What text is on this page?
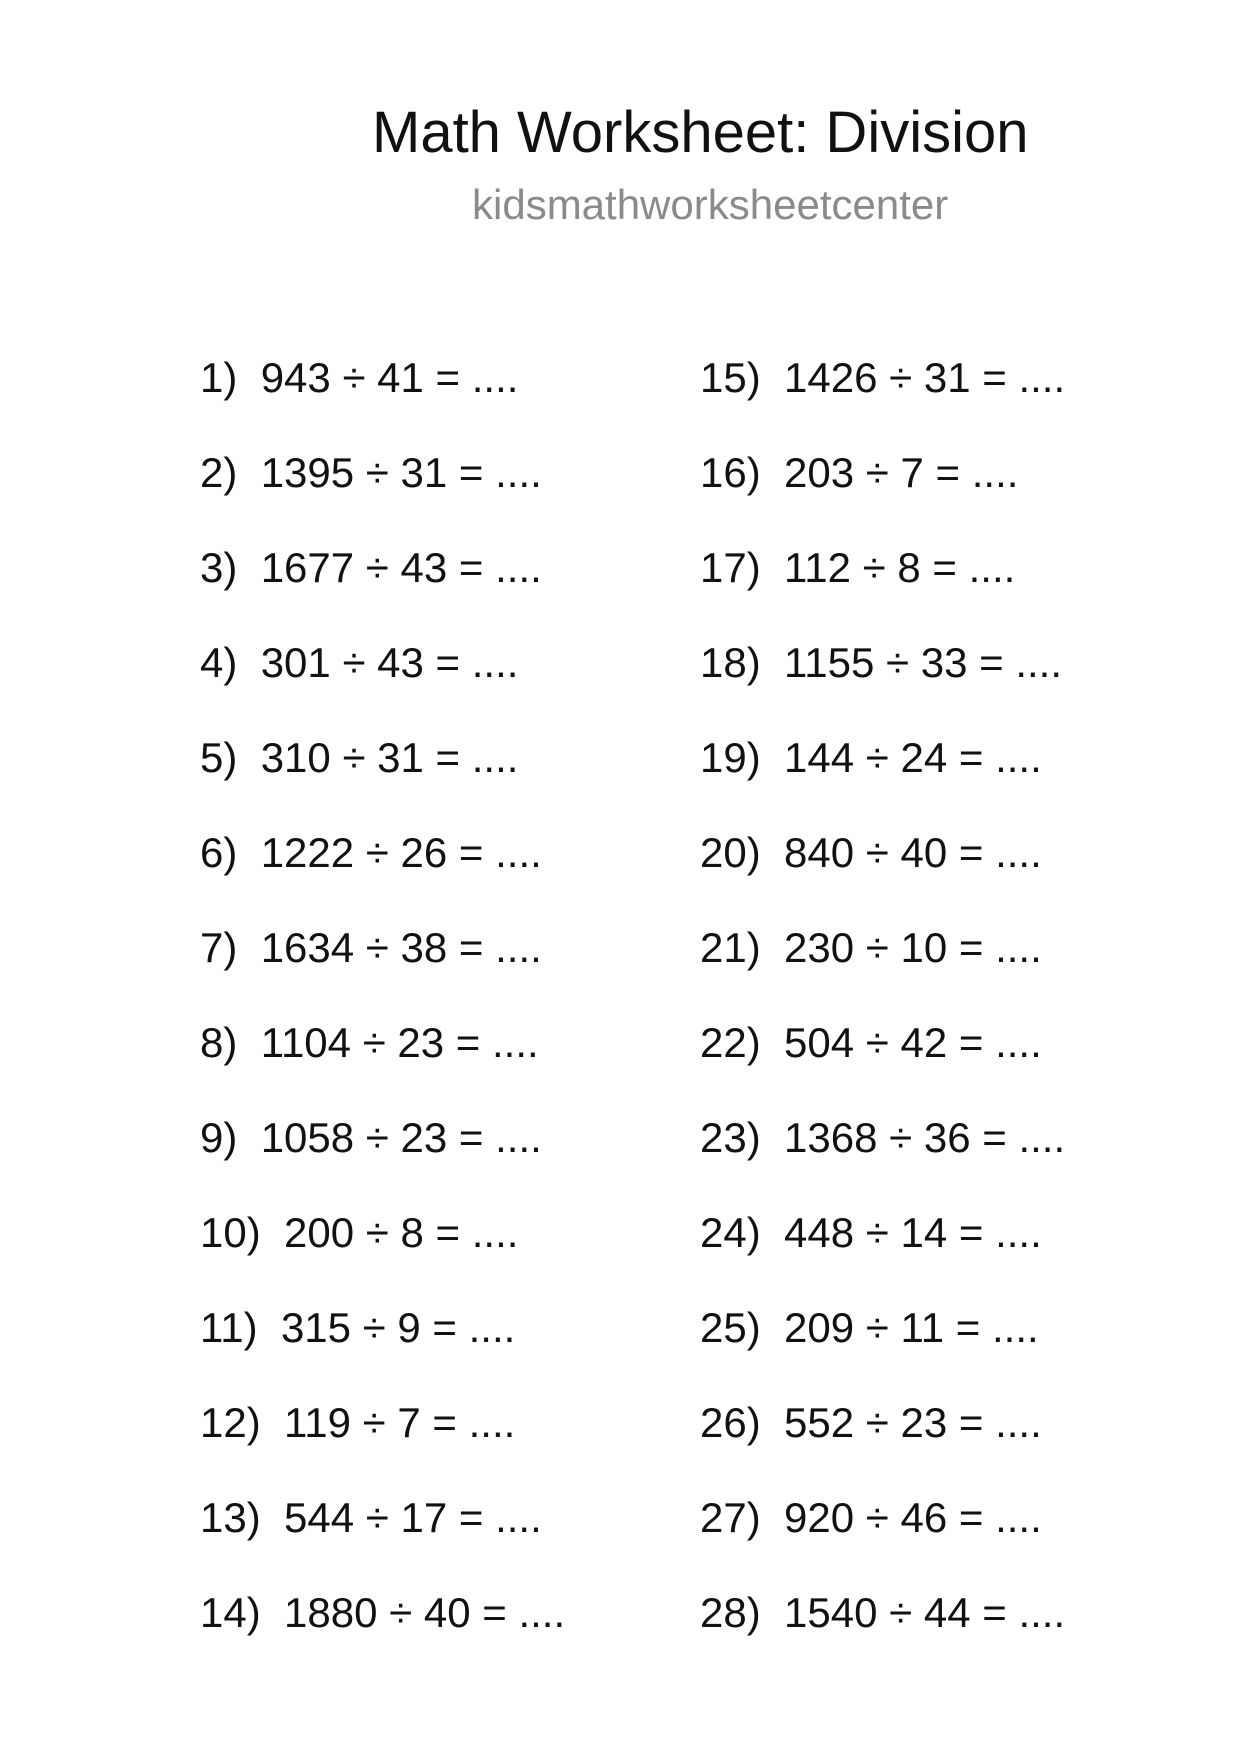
Math Worksheet: Division
kidsmathworksheetcenter
1) 943 ÷ 41 = ....
2) 1395 ÷ 31 = ....
3) 1677 ÷ 43 = ....
4) 301 ÷ 43 = ....
5) 310 ÷ 31 = ....
6) 1222 ÷ 26 = ....
7) 1634 ÷ 38 = ....
8) 1104 ÷ 23 = ....
9) 1058 ÷ 23 = ....
10) 200 ÷ 8 = ....
11) 315 ÷ 9 = ....
12) 119 ÷ 7 = ....
13) 544 ÷ 17 = ....
14) 1880 ÷ 40 = ....
15) 1426 ÷ 31 = ....
16) 203 ÷ 7 = ....
17) 112 ÷ 8 = ....
18) 1155 ÷ 33 = ....
19) 144 ÷ 24 = ....
20) 840 ÷ 40 = ....
21) 230 ÷ 10 = ....
22) 504 ÷ 42 = ....
23) 1368 ÷ 36 = ....
24) 448 ÷ 14 = ....
25) 209 ÷ 11 = ....
26) 552 ÷ 23 = ....
27) 920 ÷ 46 = ....
28) 1540 ÷ 44 = ....
